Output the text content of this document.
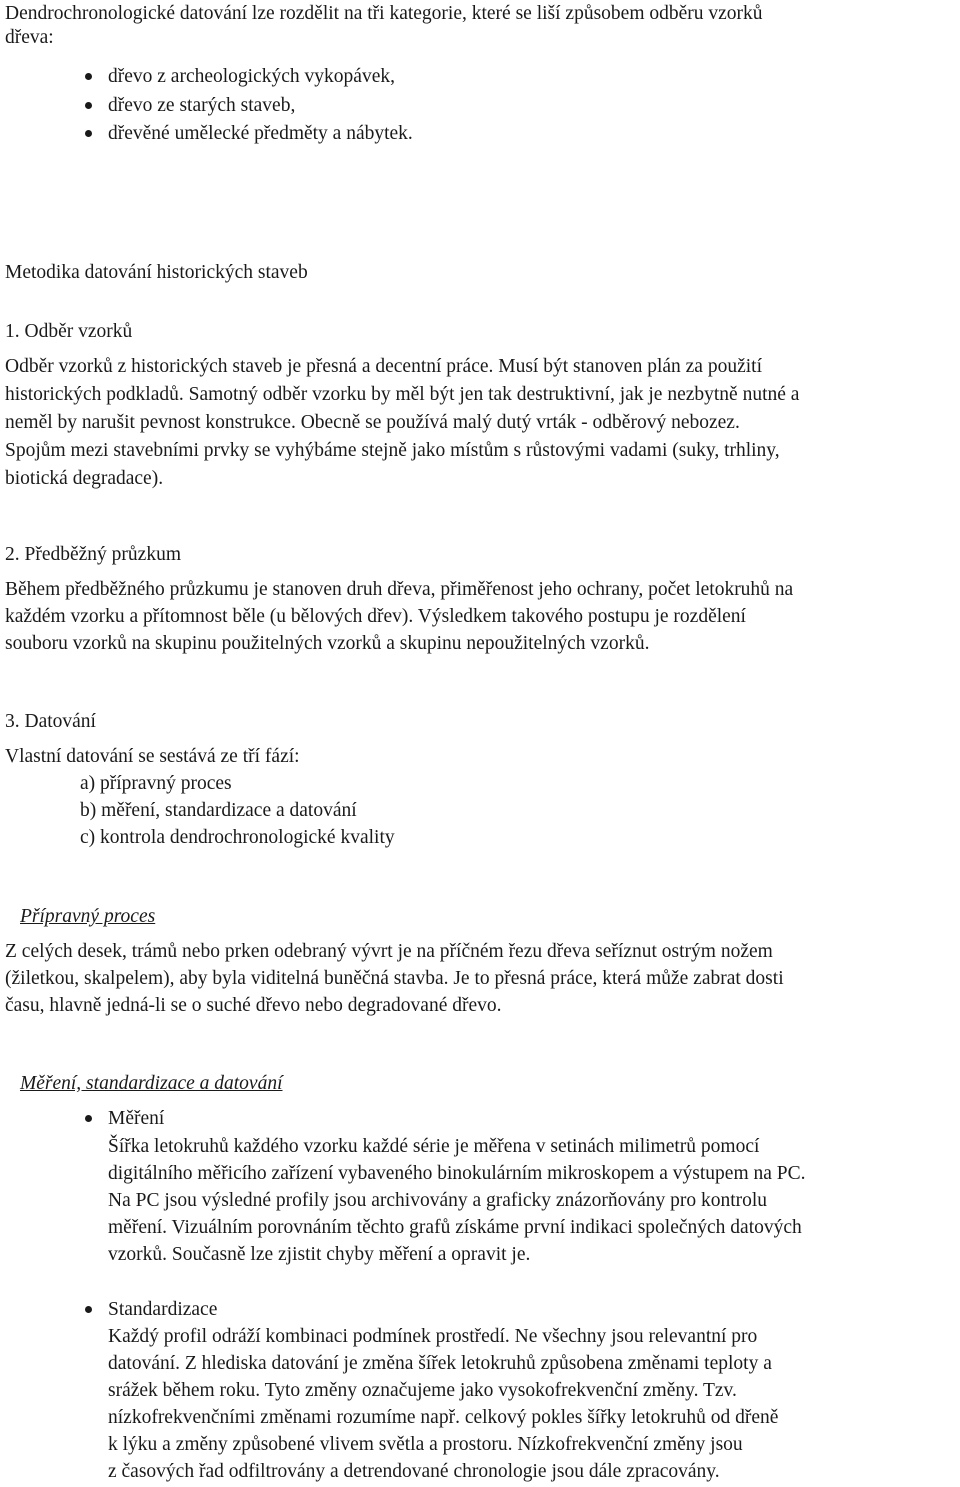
Dendrochronologické datování lze rozdělit na tři kategorie, které se liší způsobem odběru vzorků

dřeva:

dřevo z archeologických vykopávek,

dřevo ze starých staveb,

dřevěné umělecké předměty a nábytek.

Metodika datování historických staveb

1. Odběr vzorků

Odběr vzorků z historických staveb je přesná a decentní práce. Musí být stanoven plán za použití

historických podkladů. Samotný odběr vzorku by měl být jen tak destruktivní, jak je nezbytně nutné a

neměl by narušit pevnost konstrukce. Obecně se používá malý dutý vrták - odběrový nebozez.

Spojům mezi stavebními prvky se vyhýbáme stejně jako místům s růstovými vadami (suky, trhliny,

biotická degradace).

2. Předběžný průzkum

Během předběžného průzkumu je stanoven druh dřeva, přiměřenost jeho ochrany, počet letokruhů na

každém vzorku a přítomnost běle (u bělových dřev). Výsledkem takového postupu je rozdělení

souboru vzorků na skupinu použitelných vzorků a skupinu nepoužitelných vzorků.

3. Datování

Vlastní datování se sestává ze tří fází:

a) přípravný proces

b) měření, standardizace a datování

c) kontrola dendrochronologické kvality

Přípravný proces

Z celých desek, trámů nebo prken odebraný vývrt je na příčném řezu dřeva seříznut ostrým nožem

(žiletkou, skalpelem), aby byla viditelná buněčná stavba. Je to přesná práce, která může zabrat dosti

času, hlavně jedná-li se o suché dřevo nebo degradované dřevo.

Měření, standardizace a datování

Měření

Šířka letokruhů každého vzorku každé série je měřena v setinách milimetrů pomocí

digitálního měřicího zařízení vybaveného binokulárním mikroskopem a výstupem na PC.

Na PC jsou výsledné profily jsou archivovány a graficky znázorňovány pro kontrolu

měření. Vizuálním porovnáním těchto grafů získáme první indikaci společných datových

vzorků. Současně lze zjistit chyby měření a opravit je.

Standardizace

Každý profil odráží kombinaci podmínek prostředí. Ne všechny jsou relevantní pro

datování. Z hlediska datování je změna šířek letokruhů způsobena změnami teploty a

srážek během roku. Tyto změny označujeme jako vysokofrekvenční změny. Tzv.

nízkofrekvenčními změnami rozumíme např. celkový pokles šířky letokruhů od dřeně

k lýku a změny způsobené vlivem světla a prostoru. Nízkofrekvenční změny jsou

z časových řad odfiltrovány a detrendované chronologie jsou dále zpracovány.
